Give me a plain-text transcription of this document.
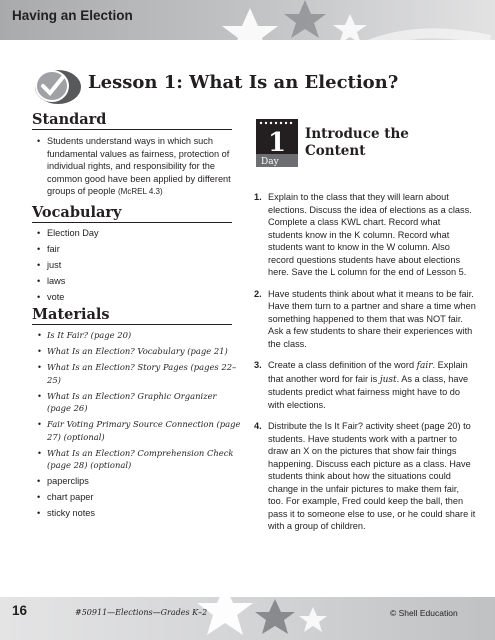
Having an Election
Lesson 1: What Is an Election?
Standard
• Students understand ways in which such fundamental values as fairness, protection of individual rights, and responsibility for the common good have been applied by different groups of people (McREL 4.3)
Vocabulary
• Election Day
• fair
• just
• laws
• vote
Materials
• Is It Fair? (page 20)
• What Is an Election? Vocabulary (page 21)
• What Is an Election? Story Pages (pages 22–25)
• What Is an Election? Graphic Organizer (page 26)
• Fair Voting Primary Source Connection (page 27) (optional)
• What Is an Election? Comprehension Check (page 28) (optional)
• paperclips
• chart paper
• sticky notes
1
Day
Introduce the Content
1. Explain to the class that they will learn about elections. Discuss the idea of elections as a class. Complete a class KWL chart. Record what students know in the K column. Record what students want to know in the W column. Also record questions students have about elections here. Save the L column for the end of Lesson 5.
2. Have students think about what it means to be fair. Have them turn to a partner and share a time when something happened to them that was NOT fair. Ask a few students to share their experiences with the class.
3. Create a class definition of the word fair. Explain that another word for fair is just. As a class, have students predict what fairness might have to do with elections.
4. Distribute the Is It Fair? activity sheet (page 20) to students. Have students work with a partner to draw an X on the pictures that show fair things happening. Discuss each picture as a class. Have students think about how the situations could change in the unfair pictures to make them fair, too. For example, Fred could keep the ball, then pass it to someone else to use, or he could share it with a group of children.
16	#50911—Elections—Grades K–2	© Shell Education
